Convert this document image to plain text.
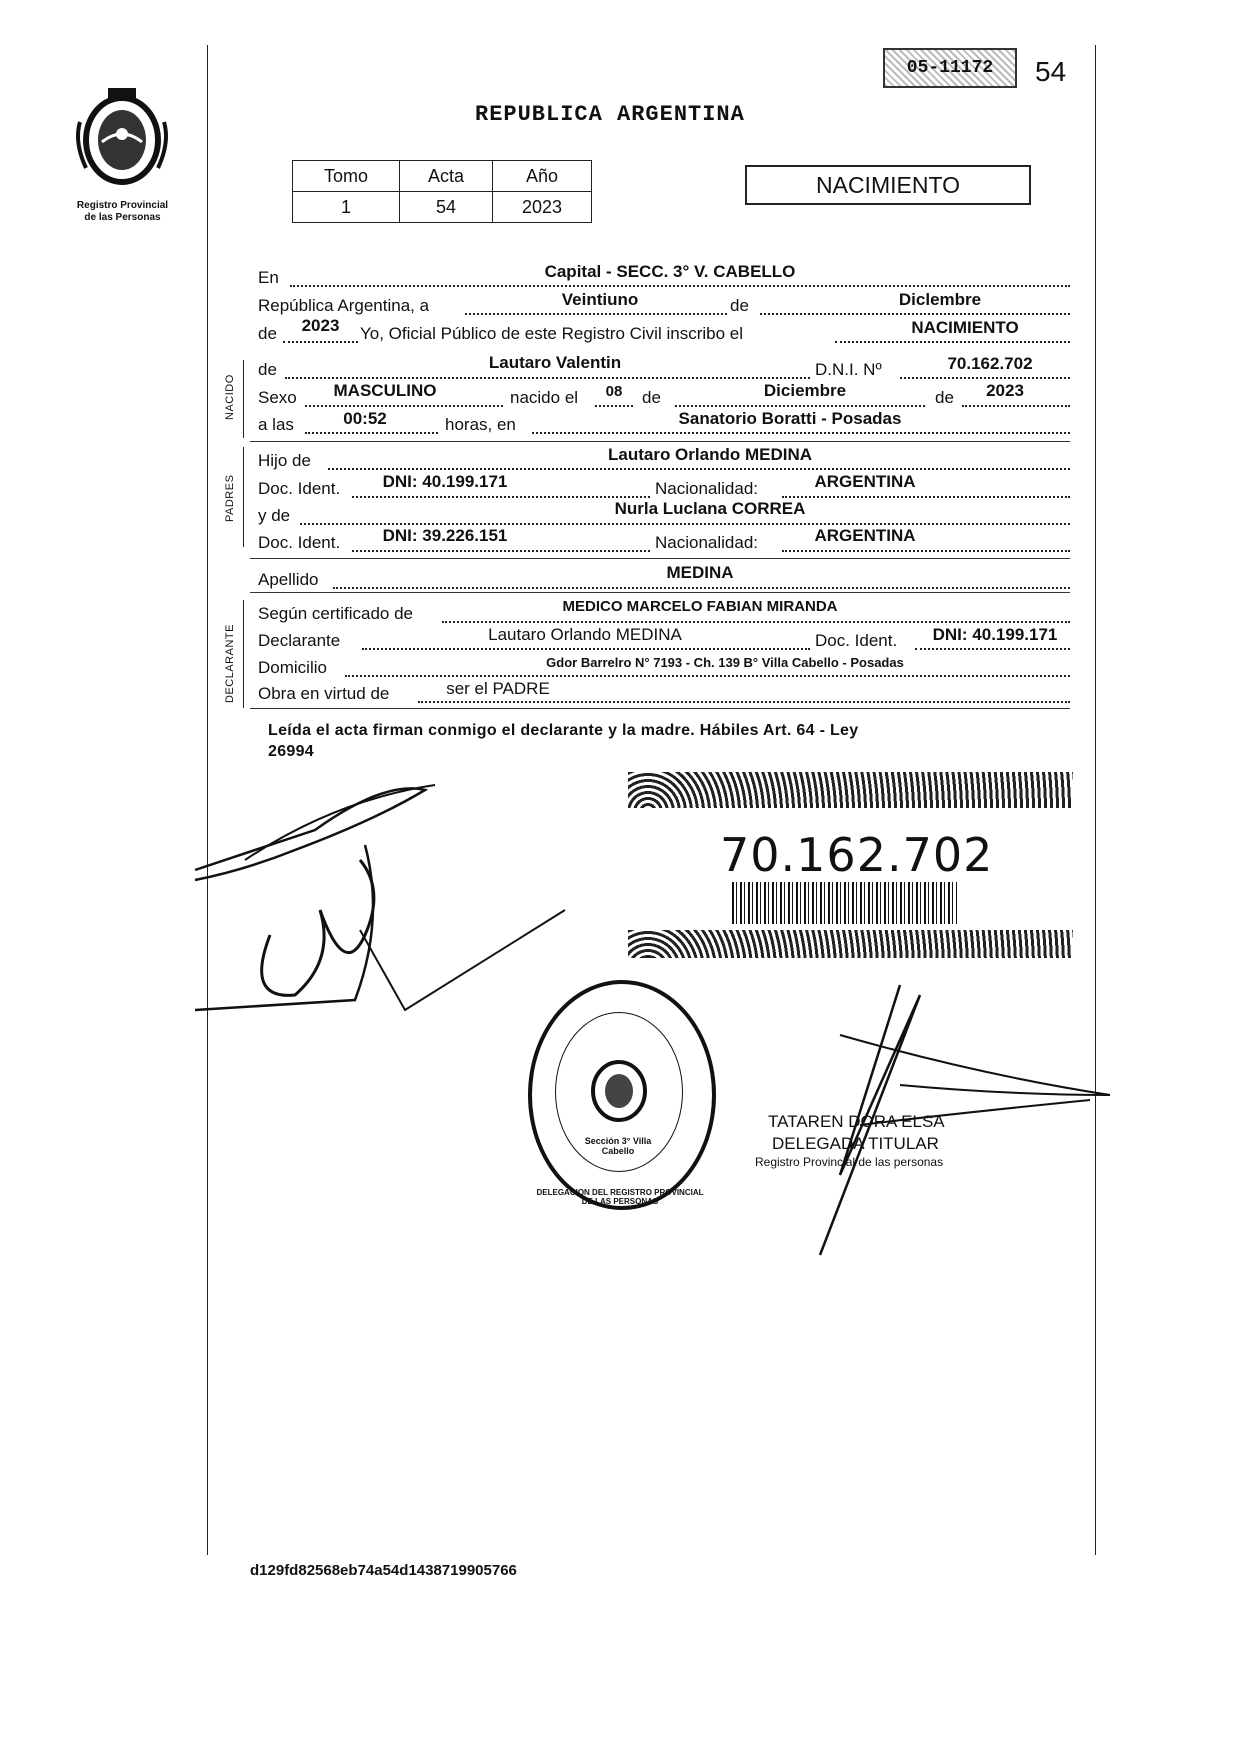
Registro Provincial
de las Personas
05-11172	54
REPUBLICA ARGENTINA
Tomo	Acta	Año
1	54	2023
NACIMIENTO
NACIDO
PADRES
DECLARANTE
En	Capital - SECC. 3° V. CABELLO
República Argentina, a	Veintiuno	de	Diclembre
de	2023	Yo, Oficial Público de este Registro Civil inscribo el	NACIMIENTO
de	Lautaro Valentin	D.N.I. Nº	70.162.702
Sexo	MASCULINO	nacido el	08	de	Diciembre	de	2023
a las	00:52	horas, en	Sanatorio Boratti - Posadas
Hijo de	Lautaro Orlando MEDINA
Doc. Ident.	DNI: 40.199.171	Nacionalidad:	ARGENTINA
y de	Nurla Luclana CORREA
Doc. Ident.	DNI: 39.226.151	Nacionalidad:	ARGENTINA
Apellido	MEDINA
Según certificado de	MEDICO MARCELO FABIAN MIRANDA
Declarante	Lautaro Orlando MEDINA	Doc. Ident.	DNI: 40.199.171
Domicilio	Gdor Barrelro N° 7193 - Ch. 139 B° Villa Cabello - Posadas
Obra en virtud de	ser el PADRE
Leída el acta firman conmigo el declarante y la madre. Hábiles Art. 64 - Ley
26994
70.162.702
DELEGACION DEL REGISTRO PROVINCIAL DE LAS PERSONAS
Sección 3° Villa Cabello
TATAREN DORA ELSA
DELEGADA TITULAR
Registro Provincial de las personas
d129fd82568eb74a54d1438719905766
